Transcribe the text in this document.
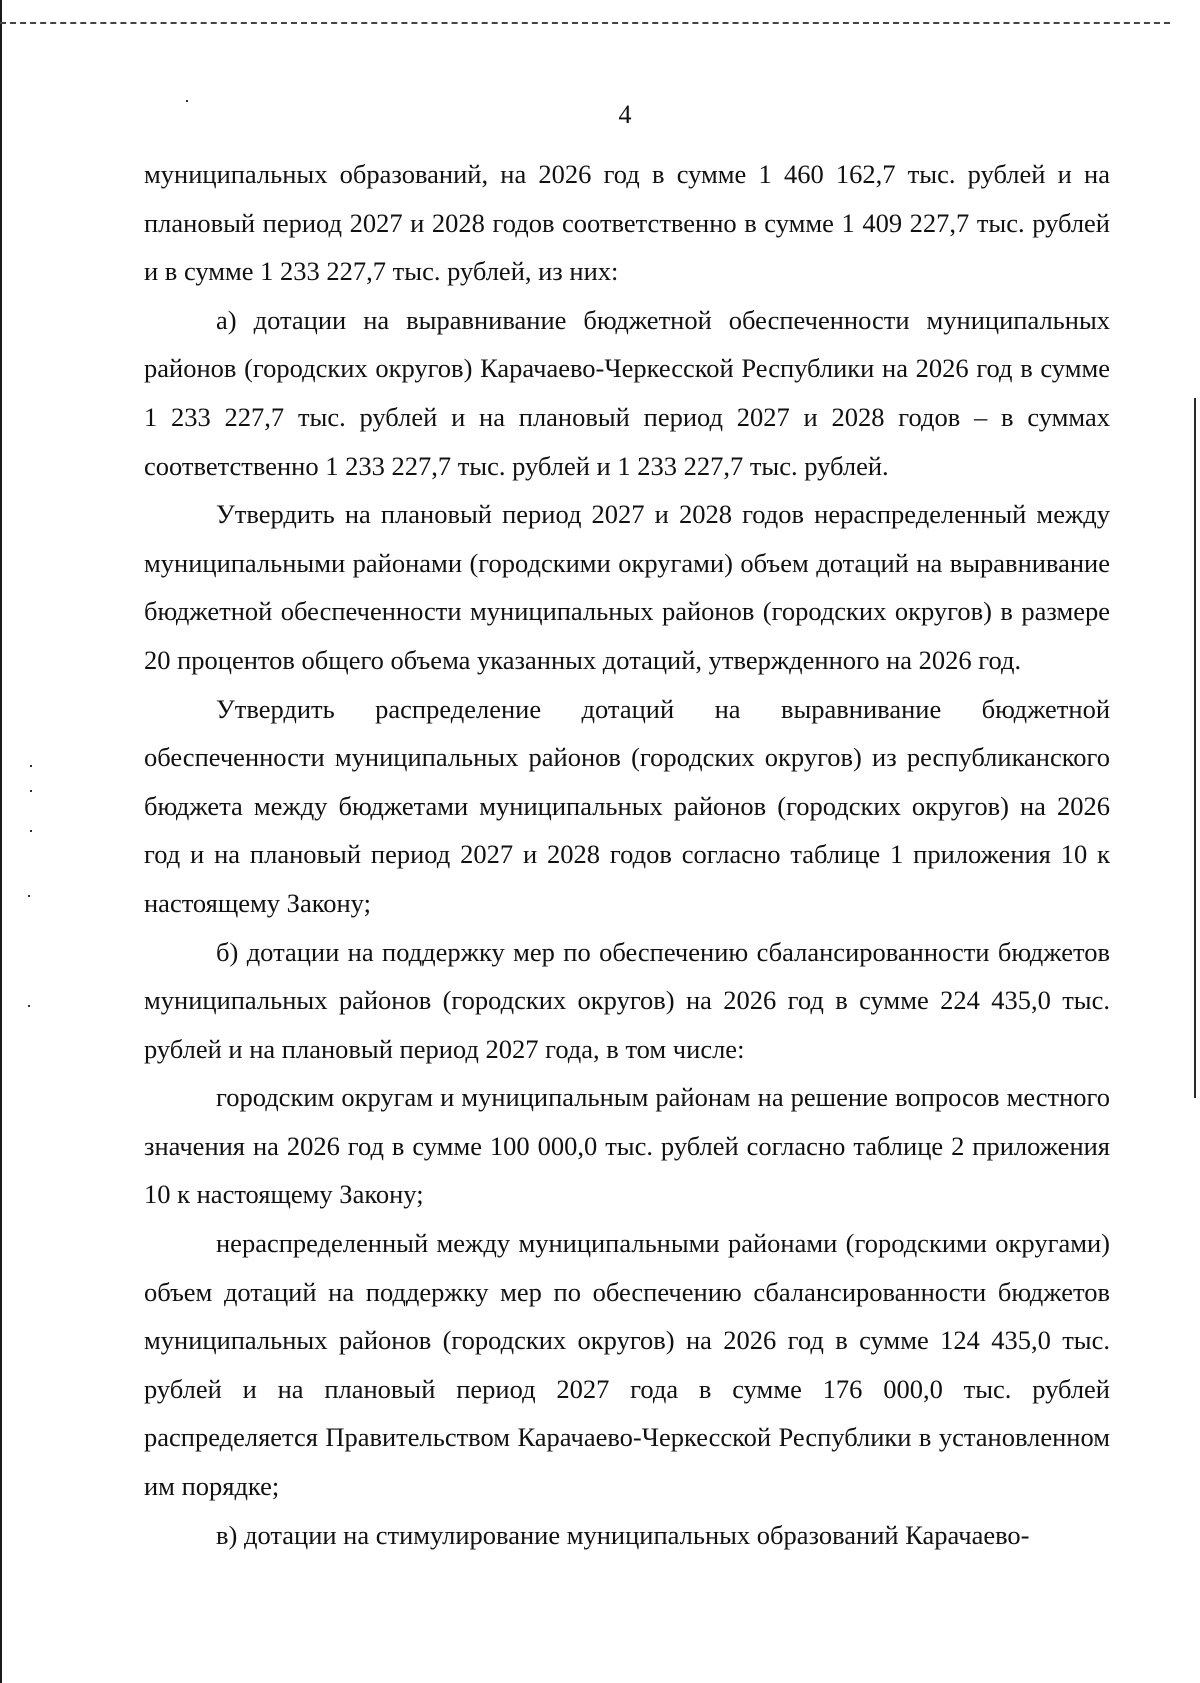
4

муниципальных образований, на 2026 год в сумме 1 460 162,7 тыс. рублей и на плановый период 2027 и 2028 годов соответственно в сумме 1 409 227,7 тыс. рублей и в сумме 1 233 227,7 тыс. рублей, из них:

а) дотации на выравнивание бюджетной обеспеченности муниципальных районов (городских округов) Карачаево-Черкесской Республики на 2026 год в сумме 1 233 227,7 тыс. рублей и на плановый период 2027 и 2028 годов – в суммах соответственно 1 233 227,7 тыс. рублей и 1 233 227,7 тыс. рублей.

Утвердить на плановый период 2027 и 2028 годов нераспределенный между муниципальными районами (городскими округами) объем дотаций на выравнивание бюджетной обеспеченности муниципальных районов (городских округов) в размере 20 процентов общего объема указанных дотаций, утвержденного на 2026 год.

Утвердить распределение дотаций на выравнивание бюджетной обеспеченности муниципальных районов (городских округов) из республиканского бюджета между бюджетами муниципальных районов (городских округов) на 2026 год и на плановый период 2027 и 2028 годов согласно таблице 1 приложения 10 к настоящему Закону;

б) дотации на поддержку мер по обеспечению сбалансированности бюджетов муниципальных районов (городских округов) на 2026 год в сумме 224 435,0 тыс. рублей и на плановый период 2027 года, в том числе:

городским округам и муниципальным районам на решение вопросов местного значения на 2026 год в сумме 100 000,0 тыс. рублей согласно таблице 2 приложения 10 к настоящему Закону;

нераспределенный между муниципальными районами (городскими округами) объем дотаций на поддержку мер по обеспечению сбалансированности бюджетов муниципальных районов (городских округов) на 2026 год в сумме 124 435,0 тыс. рублей и на плановый период 2027 года в сумме 176 000,0 тыс. рублей распределяется Правительством Карачаево-Черкесской Республики в установленном им порядке;

в) дотации на стимулирование муниципальных образований Карачаево-
